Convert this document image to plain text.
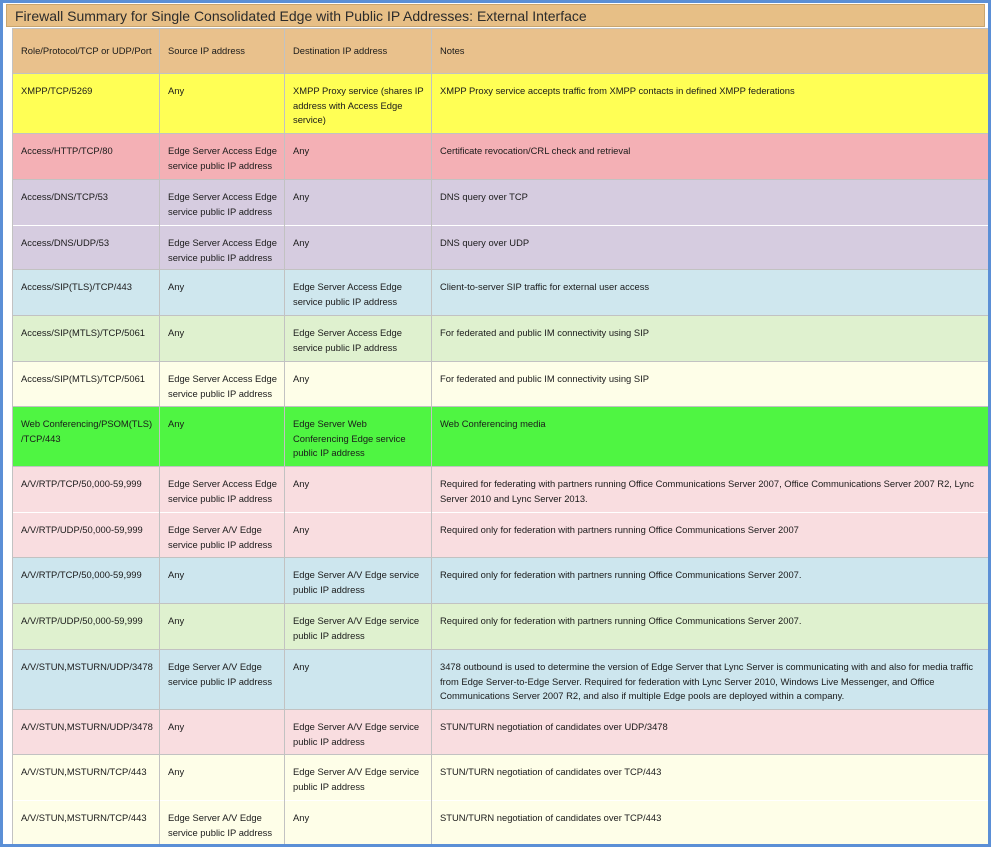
Firewall Summary for Single Consolidated Edge with Public IP Addresses: External Interface
Role/Protocol/TCP or UDP/Port	Source IP address	Destination IP address	Notes
XMPP/TCP/5269	Any	XMPP Proxy service (shares IP address with Access Edge service)	XMPP Proxy service accepts traffic from XMPP contacts in defined XMPP federations
Access/HTTP/TCP/80	Edge Server Access Edge service public IP address	Any	Certificate revocation/CRL check and retrieval
Access/DNS/TCP/53	Edge Server Access Edge service public IP address	Any	DNS query over TCP
Access/DNS/UDP/53	Edge Server Access Edge service public IP address	Any	DNS query over UDP
Access/SIP(TLS)/TCP/443	Any	Edge Server Access Edge service public IP address	Client-to-server SIP traffic for external user access
Access/SIP(MTLS)/TCP/5061	Any	Edge Server Access Edge service public IP address	For federated and public IM connectivity using SIP
Access/SIP(MTLS)/TCP/5061	Edge Server Access Edge service public IP address	Any	For federated and public IM connectivity using SIP
Web Conferencing/PSOM(TLS) /TCP/443	Any	Edge Server Web Conferencing Edge service public IP address	Web Conferencing media
A/V/RTP/TCP/50,000-59,999	Edge Server Access Edge service public IP address	Any	Required for federating with partners running Office Communications Server 2007, Office Communications Server 2007 R2, Lync Server 2010 and Lync Server 2013.
A/V/RTP/UDP/50,000-59,999	Edge Server A/V Edge service public IP address	Any	Required only for federation with partners running Office Communications Server 2007
A/V/RTP/TCP/50,000-59,999	Any	Edge Server A/V Edge service public IP address	Required only for federation with partners running Office Communications Server 2007.
A/V/RTP/UDP/50,000-59,999	Any	Edge Server A/V Edge service public IP address	Required only for federation with partners running Office Communications Server 2007.
A/V/STUN,MSTURN/UDP/3478	Edge Server A/V Edge service public IP address	Any	3478 outbound is used to determine the version of Edge Server that Lync Server is communicating with and also for media traffic from Edge Server-to-Edge Server. Required for federation with Lync Server 2010, Windows Live Messenger, and Office Communications Server 2007 R2, and also if multiple Edge pools are deployed within a company.
A/V/STUN,MSTURN/UDP/3478	Any	Edge Server A/V Edge service public IP address	STUN/TURN negotiation of candidates over UDP/3478
A/V/STUN,MSTURN/TCP/443	Any	Edge Server A/V Edge service public IP address	STUN/TURN negotiation of candidates over TCP/443
A/V/STUN,MSTURN/TCP/443	Edge Server A/V Edge service public IP address	Any	STUN/TURN negotiation of candidates over TCP/443
